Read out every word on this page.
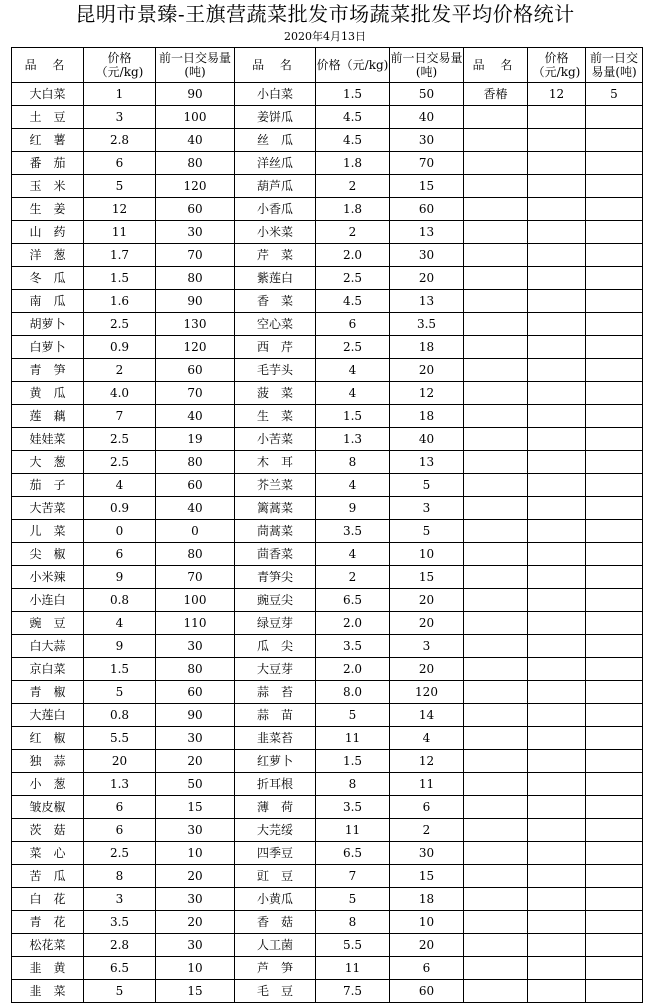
昆明市景臻-王旗营蔬菜批发市场蔬菜批发平均价格统计
2020年4月13日
品 名	价格（元/kg)	前一日交易量(吨)	品 名	价格（元/kg)	前一日交易量(吨)	品 名	价格（元/kg)	前一日交易量(吨)
大白菜	1	90	小白菜	1.5	50	香椿	12	5
土　豆	3	100	姜饼瓜	4.5	40			
红　薯	2.8	40	丝　瓜	4.5	30			
番　茄	6	80	洋丝瓜	1.8	70			
玉　米	5	120	葫芦瓜	2	15			
生　姜	12	60	小香瓜	1.8	60			
山　药	11	30	小米菜	2	13			
洋　葱	1.7	70	芹　菜	2.0	30			
冬　瓜	1.5	80	紫莲白	2.5	20			
南　瓜	1.6	90	香　菜	4.5	13			
胡萝卜	2.5	130	空心菜	6	3.5			
白萝卜	0.9	120	西　芹	2.5	18			
青　笋	2	60	毛芋头	4	20			
黄　瓜	4.0	70	菠　菜	4	12			
莲　藕	7	40	生　菜	1.5	18			
娃娃菜	2.5	19	小苦菜	1.3	40			
大　葱	2.5	80	木　耳	8	13			
茄　子	4	60	芥兰菜	4	5			
大苦菜	0.9	40	篱蒿菜	9	3			
儿　菜	0	0	茼蒿菜	3.5	5			
尖　椒	6	80	茴香菜	4	10			
小米辣	9	70	青笋尖	2	15			
小连白	0.8	100	豌豆尖	6.5	20			
豌　豆	4	110	绿豆芽	2.0	20			
白大蒜	9	30	瓜　尖	3.5	3			
京白菜	1.5	80	大豆芽	2.0	20			
青　椒	5	60	蒜　苔	8.0	120			
大莲白	0.8	90	蒜　苗	5	14			
红　椒	5.5	30	韭菜苔	11	4			
独　蒜	20	20	红萝卜	1.5	12			
小　葱	1.3	50	折耳根	8	11			
皱皮椒	6	15	薄　荷	3.5	6			
茨　菇	6	30	大芫绥	11	2			
菜　心	2.5	10	四季豆	6.5	30			
苦　瓜	8	20	豇　豆	7	15			
白　花	3	30	小黄瓜	5	18			
青　花	3.5	20	香　菇	8	10			
松花菜	2.8	30	人工菌	5.5	20			
韭　黄	6.5	10	芦　笋	11	6			
韭　菜	5	15	毛　豆	7.5	60			
